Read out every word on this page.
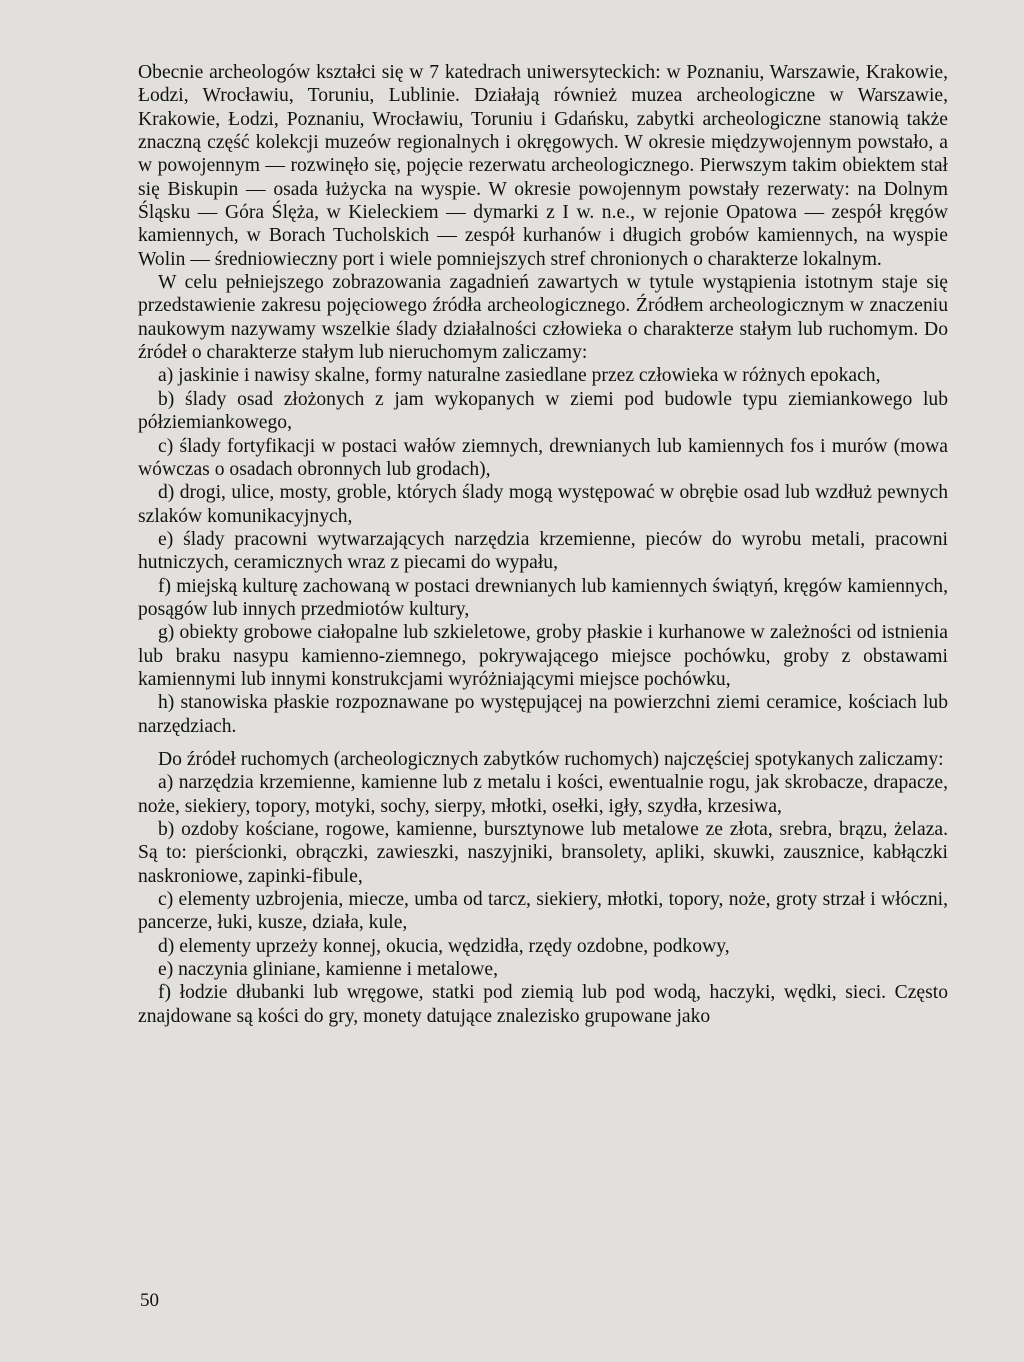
Obecnie archeologów kształci się w 7 katedrach uniwersyteckich: w Poznaniu, Warszawie, Krakowie, Łodzi, Wrocławiu, Toruniu, Lublinie. Działają również muzea archeologiczne w Warszawie, Krakowie, Łodzi, Poznaniu, Wrocławiu, Toruniu i Gdańsku, zabytki archeologiczne stanowią także znaczną część kolekcji muzeów regionalnych i okręgowych. W okresie międzywojennym powstało, a w powojennym — rozwinęło się, pojęcie rezerwatu archeologicznego. Pierwszym takim obiektem stał się Biskupin — osada łużycka na wyspie. W okresie powojennym powstały rezerwaty: na Dolnym Śląsku — Góra Ślęża, w Kieleckiem — dymarki z I w. n.e., w rejonie Opatowa — zespół kręgów kamiennych, w Borach Tucholskich — zespół kurhanów i długich grobów kamiennych, na wyspie Wolin — średniowieczny port i wiele pomniejszych stref chronionych o charakterze lokalnym.

W celu pełniejszego zobrazowania zagadnień zawartych w tytule wystąpienia istotnym staje się przedstawienie zakresu pojęciowego źródła archeologicznego. Źródłem archeologicznym w znaczeniu naukowym nazywamy wszelkie ślady działalności człowieka o charakterze stałym lub ruchomym. Do źródeł o charakterze stałym lub nieruchomym zaliczamy:

a) jaskinie i nawisy skalne, formy naturalne zasiedlane przez człowieka w różnych epokach,

b) ślady osad złożonych z jam wykopanych w ziemi pod budowle typu ziemiankowego lub półziemiankowego,

c) ślady fortyfikacji w postaci wałów ziemnych, drewnianych lub kamiennych fos i murów (mowa wówczas o osadach obronnych lub grodach),

d) drogi, ulice, mosty, groble, których ślady mogą występować w obrębie osad lub wzdłuż pewnych szlaków komunikacyjnych,

e) ślady pracowni wytwarzających narzędzia krzemienne, pieców do wyrobu metali, pracowni hutniczych, ceramicznych wraz z piecami do wypału,

f) miejską kulturę zachowaną w postaci drewnianych lub kamiennych świątyń, kręgów kamiennych, posągów lub innych przedmiotów kultury,

g) obiekty grobowe ciałopalne lub szkieletowe, groby płaskie i kurhanowe w zależności od istnienia lub braku nasypu kamienno-ziemnego, pokrywającego miejsce pochówku, groby z obstawami kamiennymi lub innymi konstrukcjami wyróżniającymi miejsce pochówku,

h) stanowiska płaskie rozpoznawane po występującej na powierzchni ziemi ceramice, kościach lub narzędziach.

Do źródeł ruchomych (archeologicznych zabytków ruchomych) najczęściej spotykanych zaliczamy:

a) narzędzia krzemienne, kamienne lub z metalu i kości, ewentualnie rogu, jak skrobacze, drapacze, noże, siekiery, topory, motyki, sochy, sierpy, młotki, osełki, igły, szydła, krzesiwa,

b) ozdoby kościane, rogowe, kamienne, bursztynowe lub metalowe ze złota, srebra, brązu, żelaza. Są to: pierścionki, obrączki, zawieszki, naszyjniki, bransolety, apliki, skuwki, zausznice, kabłączki naskroniowe, zapinki-fibule,

c) elementy uzbrojenia, miecze, umba od tarcz, siekiery, młotki, topory, noże, groty strzał i włóczni, pancerze, łuki, kusze, działa, kule,

d) elementy uprzeży konnej, okucia, wędzidła, rzędy ozdobne, podkowy,

e) naczynia gliniane, kamienne i metalowe,

f) łodzie dłubanki lub wręgowe, statki pod ziemią lub pod wodą, haczyki, wędki, sieci. Często znajdowane są kości do gry, monety datujące znalezisko grupowane jako

50
